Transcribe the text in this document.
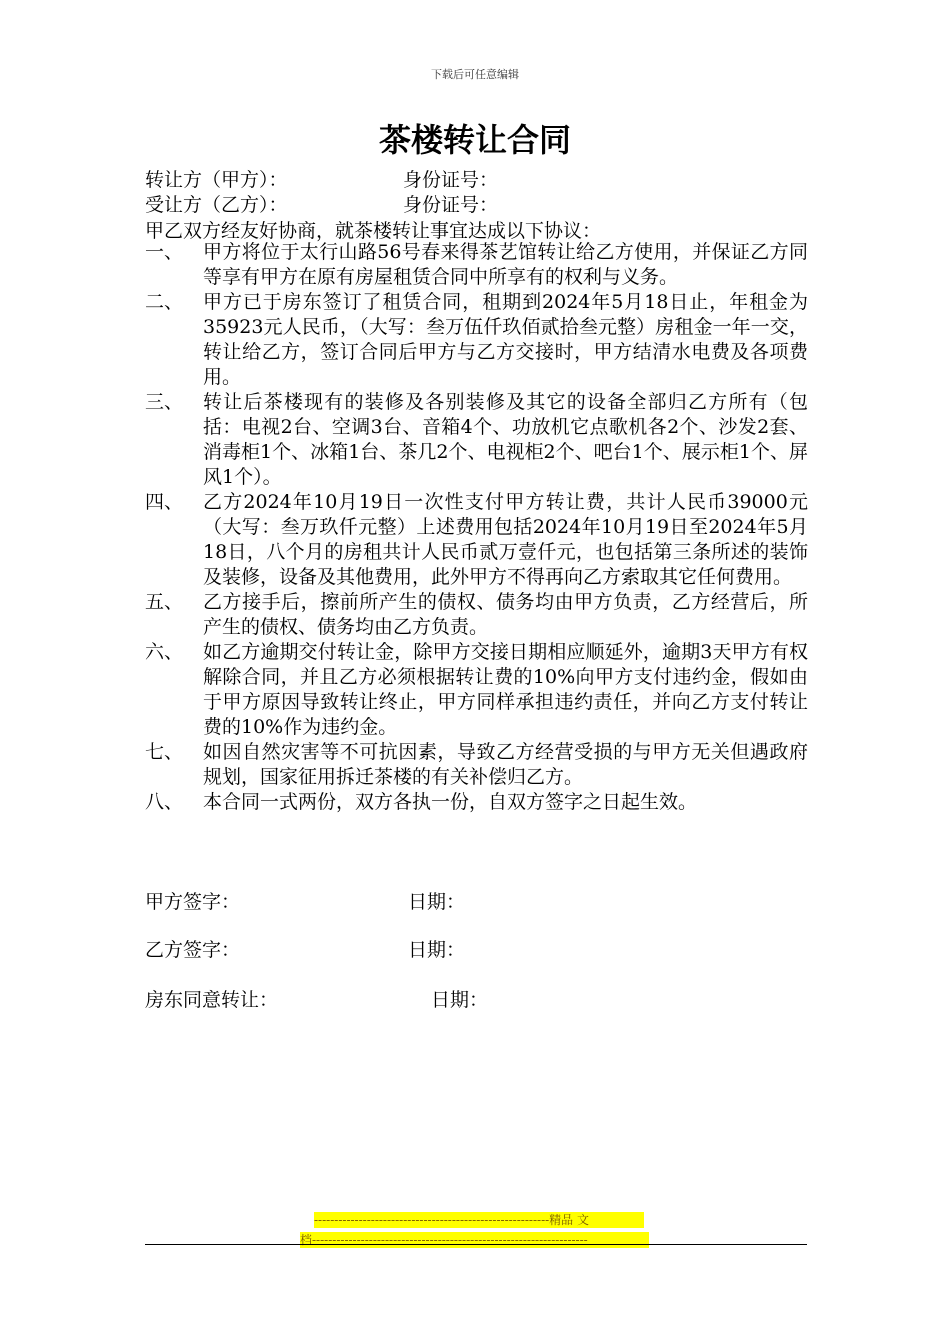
下载后可任意编辑
茶楼转让合同
转让方（甲方）：	身份证号：
受让方（乙方）：	身份证号：
甲乙双方经友好协商，就茶楼转让事宜达成以下协议：
一、	甲方将位于太行山路56号春来得茶艺馆转让给乙方使用，并保证乙方同等享有甲方在原有房屋租赁合同中所享有的权利与义务。
二、	甲方已于房东签订了租赁合同，租期到2024年5月18日止，年租金为35923元人民币，（大写：叁万伍仟玖佰贰拾叁元整）房租金一年一交，转让给乙方，签订合同后甲方与乙方交接时，甲方结清水电费及各项费用。
三、	转让后茶楼现有的装修及各别装修及其它的设备全部归乙方所有（包括：电视2台、空调3台、音箱4个、功放机它点歌机各2个、沙发2套、消毒柜1个、冰箱1台、茶几2个、电视柜2个、吧台1个、展示柜1个、屏风1个）。
四、	乙方2024年10月19日一次性支付甲方转让费，共计人民币39000元（大写：叁万玖仟元整）上述费用包括2024年10月19日至2024年5月18日，八个月的房租共计人民币贰万壹仟元，也包括第三条所述的装饰及装修，设备及其他费用，此外甲方不得再向乙方索取其它任何费用。
五、	乙方接手后，擦前所产生的债权、债务均由甲方负责，乙方经营后，所产生的债权、债务均由乙方负责。
六、	如乙方逾期交付转让金，除甲方交接日期相应顺延外，逾期3天甲方有权解除合同，并且乙方必须根据转让费的10%向甲方支付违约金，假如由于甲方原因导致转让终止，甲方同样承担违约责任，并向乙方支付转让费的10%作为违约金。
七、	如因自然灾害等不可抗因素，导致乙方经营受损的与甲方无关但遇政府规划，国家征用拆迁茶楼的有关补偿归乙方。
八、	本合同一式两份，双方各执一份，自双方签字之日起生效。
甲方签字：	日期：
乙方签字：	日期：
房东同意转让：	日期：
----------------------------------------------------------精品 文
档--------------------------------------------------------------------
